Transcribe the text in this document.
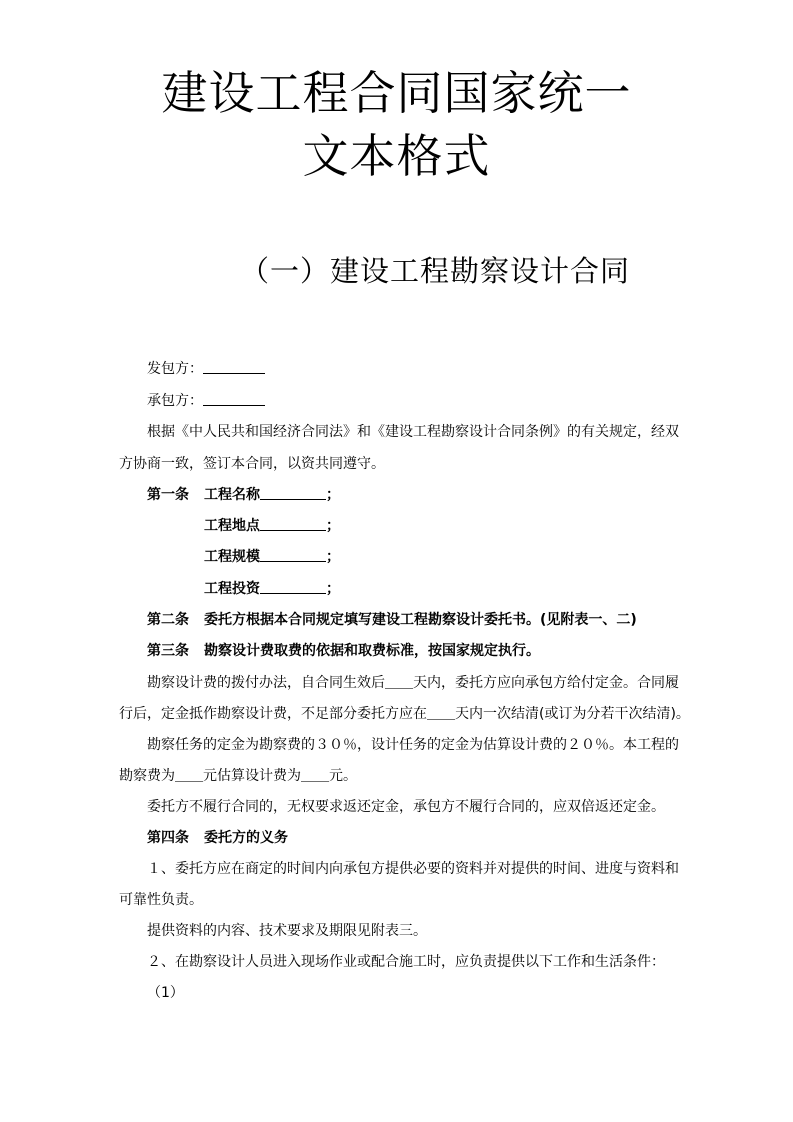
建设工程合同国家统一
文本格式
（一）建设工程勘察设计合同
发包方：
承包方：
根据《中人民共和国经济合同法》和《建设工程勘察设计合同条例》的有关规定，经双
方协商一致，签订本合同，以资共同遵守。
第一条 工程名称	；
工程地点	；
工程规模	；
工程投资	；
第二条 委托方根据本合同规定填写建设工程勘察设计委托书。(见附表一、二)
第三条 勘察设计费取费的依据和取费标准，按国家规定执行。
勘察设计费的拨付办法，自合同生效后＿＿天内，委托方应向承包方给付定金。合同履
行后，定金抵作勘察设计费，不足部分委托方应在＿＿天内一次结清(或订为分若干次结清)。
勘察任务的定金为勘察费的３０％，设计任务的定金为估算设计费的２０％。本工程的
勘察费为＿＿元估算设计费为＿＿元。
委托方不履行合同的，无权要求返还定金，承包方不履行合同的，应双倍返还定金。
第四条 委托方的义务
１、委托方应在商定的时间内向承包方提供必要的资料并对提供的时间、进度与资料和
可靠性负责。
提供资料的内容、技术要求及期限见附表三。
２、在勘察设计人员进入现场作业或配合施工时，应负责提供以下工作和生活条件：
（1）
